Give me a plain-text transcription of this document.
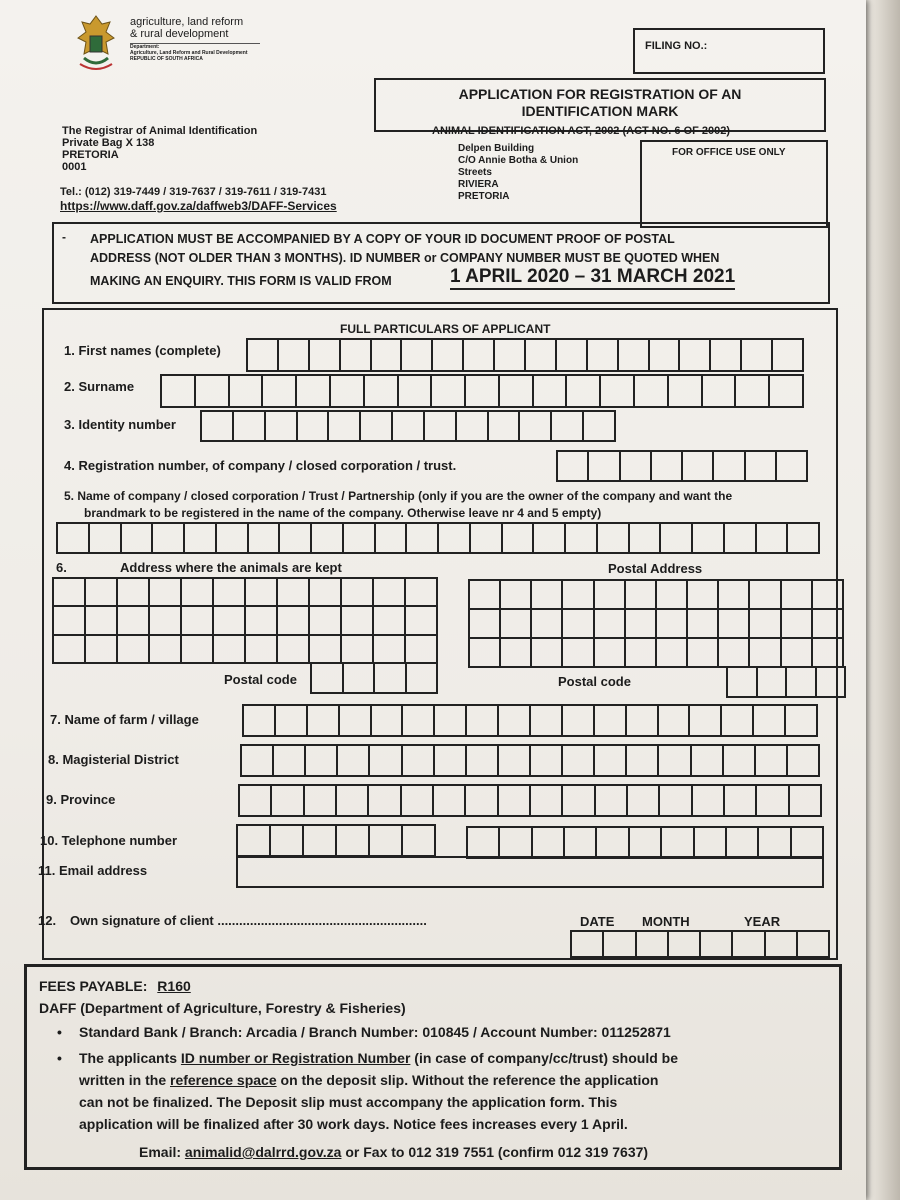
agriculture, land reform
& rural development
Department:
Agriculture, Land Reform and Rural Development
REPUBLIC OF SOUTH AFRICA
FILING NO.:
APPLICATION FOR REGISTRATION OF AN
IDENTIFICATION MARK
ANIMAL IDENTIFICATION ACT, 2002 (ACT NO. 6 OF 2002)
FOR OFFICE USE ONLY
The Registrar of Animal Identification
Private Bag X 138
PRETORIA
0001
Delpen Building
C/O Annie Botha & Union
Streets
RIVIERA
PRETORIA
Tel.: (012) 319-7449 / 319-7637 / 319-7611 / 319-7431
https://www.daff.gov.za/daffweb3/DAFF-Services
- APPLICATION MUST BE ACCOMPANIED BY A COPY OF YOUR ID DOCUMENT PROOF OF POSTAL
ADDRESS (NOT OLDER THAN 3 MONTHS). ID NUMBER or COMPANY NUMBER MUST BE QUOTED WHEN
MAKING AN ENQUIRY. THIS FORM IS VALID FROM	1 APRIL 2020 – 31 MARCH 2021
FULL PARTICULARS OF APPLICANT
1. First names (complete)
2. Surname
3. Identity number
4. Registration number, of company / closed corporation / trust.
5. Name of company / closed corporation / Trust / Partnership (only if you are the owner of the company and want the
brandmark to be registered in the name of the company. Otherwise leave nr 4 and 5 empty)
6.	Address where the animals are kept	Postal Address
Postal code	Postal code
7. Name of farm / village
8. Magisterial District
9. Province
10. Telephone number
11. Email address
12. Own signature of client ..........................................................	DATE MONTH	YEAR
FEES PAYABLE: R160
DAFF (Department of Agriculture, Forestry & Fisheries)
• Standard Bank / Branch: Arcadia / Branch Number: 010845 / Account Number: 011252871
• The applicants ID number or Registration Number (in case of company/cc/trust) should be
written in the reference space on the deposit slip. Without the reference the application
can not be finalized. The Deposit slip must accompany the application form. This
application will be finalized after 30 work days. Notice fees increases every 1 April.
Email: animalid@dalrrd.gov.za or Fax to 012 319 7551 (confirm 012 319 7637)
